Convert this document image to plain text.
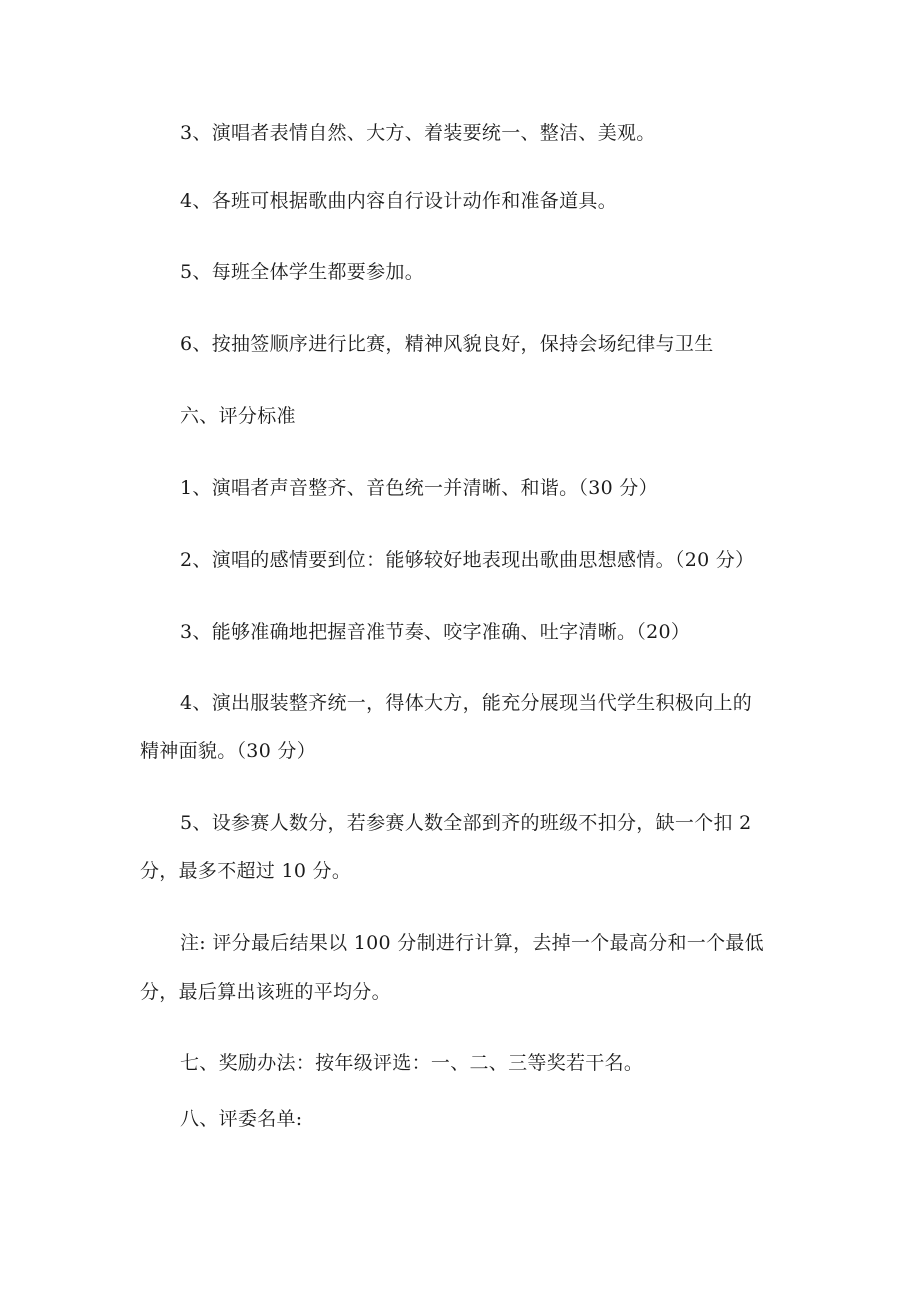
3、演唱者表情自然、大方、着装要统一、整洁、美观。
4、各班可根据歌曲内容自行设计动作和准备道具。
5、每班全体学生都要参加。
6、按抽签顺序进行比赛，精神风貌良好，保持会场纪律与卫生
六、评分标准
1、演唱者声音整齐、音色统一并清晰、和谐。（30 分）
2、演唱的感情要到位：能够较好地表现出歌曲思想感情。（20 分）
3、能够准确地把握音准节奏、咬字准确、吐字清晰。（20）
4、演出服装整齐统一，得体大方，能充分展现当代学生积极向上的
精神面貌。（30 分）
5、设参赛人数分，若参赛人数全部到齐的班级不扣分，缺一个扣 2
分，最多不超过 10 分。
注: 评分最后结果以 100 分制进行计算，去掉一个最高分和一个最低
分，最后算出该班的平均分。
七、奖励办法：按年级评选：一、二、三等奖若干名。
八、评委名单:
